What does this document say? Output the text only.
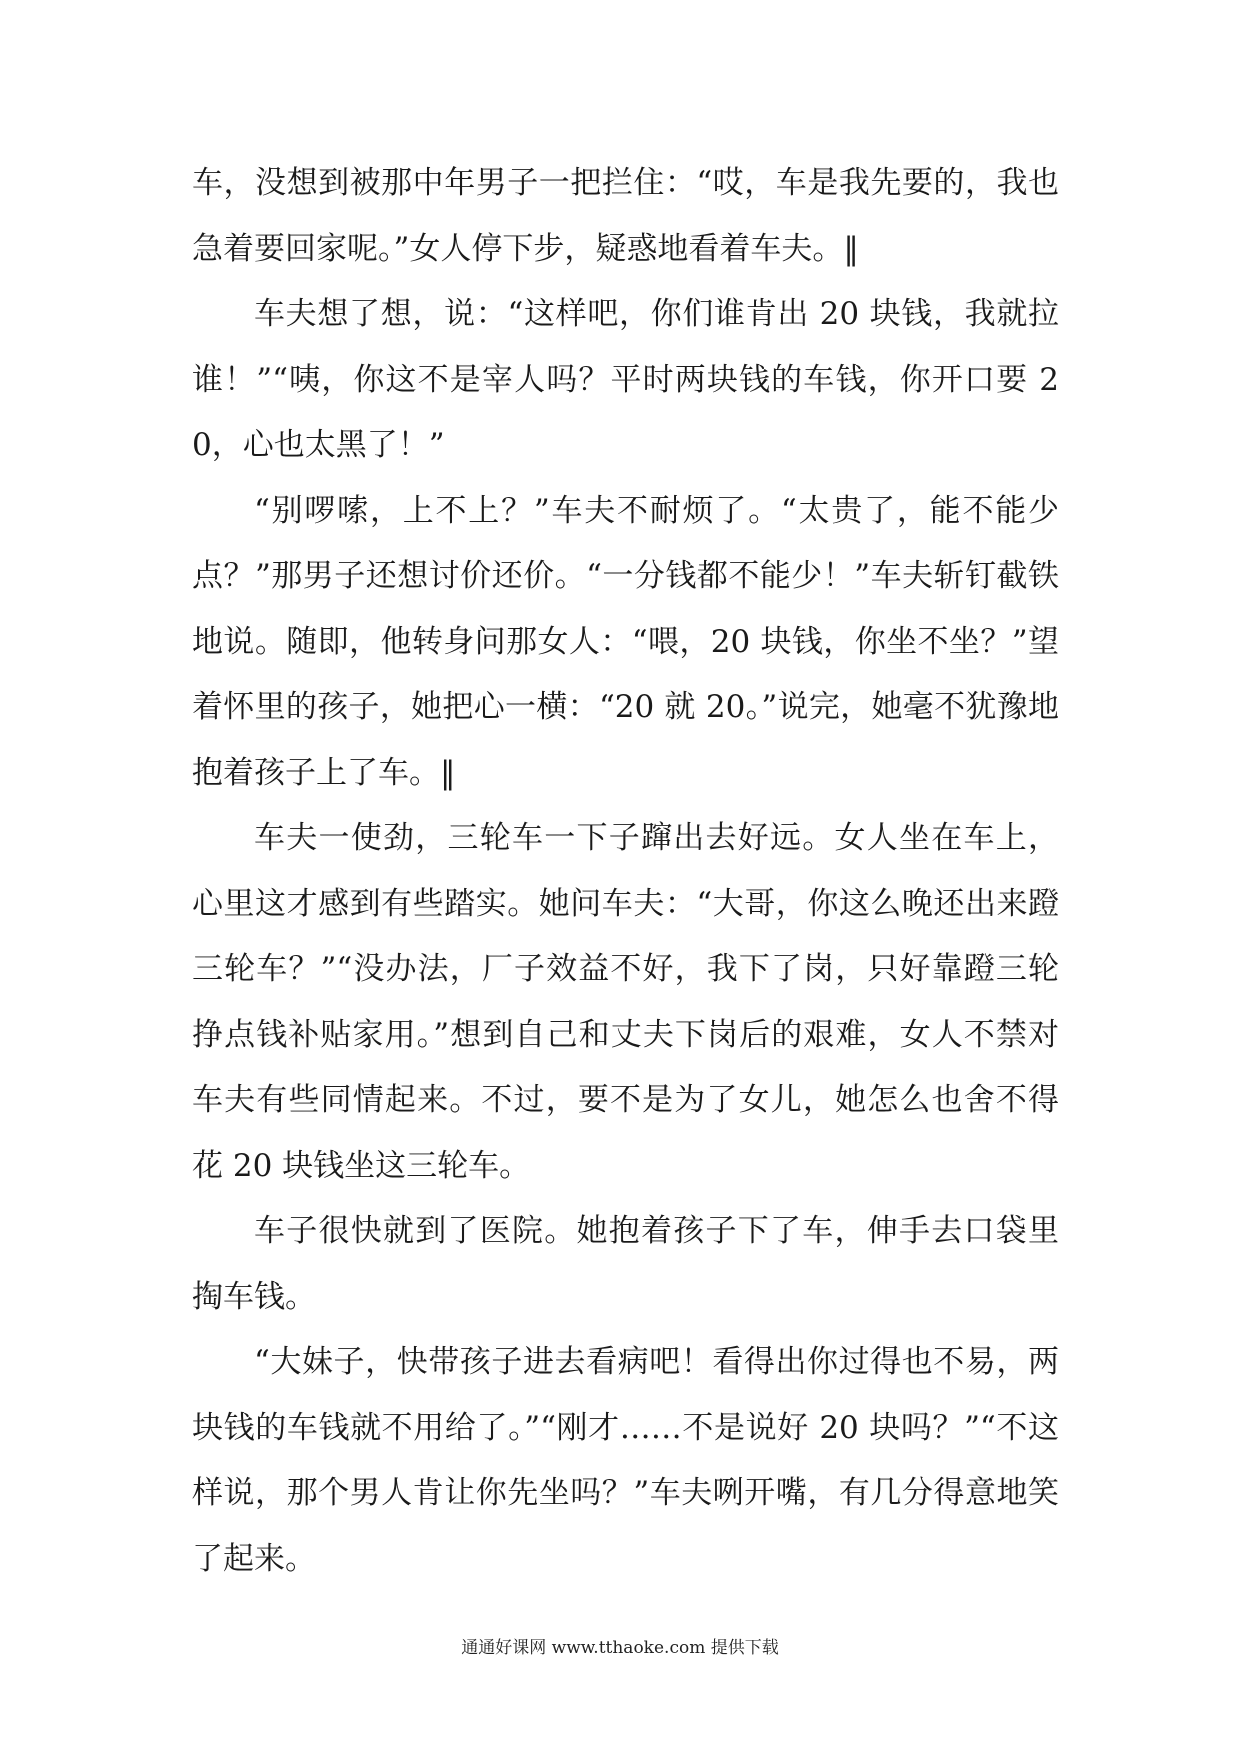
车，没想到被那中年男子一把拦住：“哎，车是我先要的，我也急着要回家呢。”女人停下步，疑惑地看着车夫。‖

车夫想了想，说：“这样吧，你们谁肯出 20 块钱，我就拉谁！”“咦，你这不是宰人吗？平时两块钱的车钱，你开口要 20，心也太黑了！”

“别啰嗦，上不上？”车夫不耐烦了。“太贵了，能不能少点？”那男子还想讨价还价。“一分钱都不能少！”车夫斩钉截铁地说。随即，他转身问那女人：“喂，20 块钱，你坐不坐？”望着怀里的孩子，她把心一横：“20 就 20。”说完，她毫不犹豫地抱着孩子上了车。‖

车夫一使劲，三轮车一下子蹿出去好远。女人坐在车上，心里这才感到有些踏实。她问车夫：“大哥，你这么晚还出来蹬三轮车？”“没办法，厂子效益不好，我下了岗，只好靠蹬三轮挣点钱补贴家用。”想到自己和丈夫下岗后的艰难，女人不禁对车夫有些同情起来。不过，要不是为了女儿，她怎么也舍不得花 20 块钱坐这三轮车。

车子很快就到了医院。她抱着孩子下了车，伸手去口袋里掏车钱。

“大妹子，快带孩子进去看病吧！看得出你过得也不易，两块钱的车钱就不用给了。”“刚才……不是说好 20 块吗？”“不这样说，那个男人肯让你先坐吗？”车夫咧开嘴，有几分得意地笑了起来。

通通好课网 www.tthaoke.com 提供下载
